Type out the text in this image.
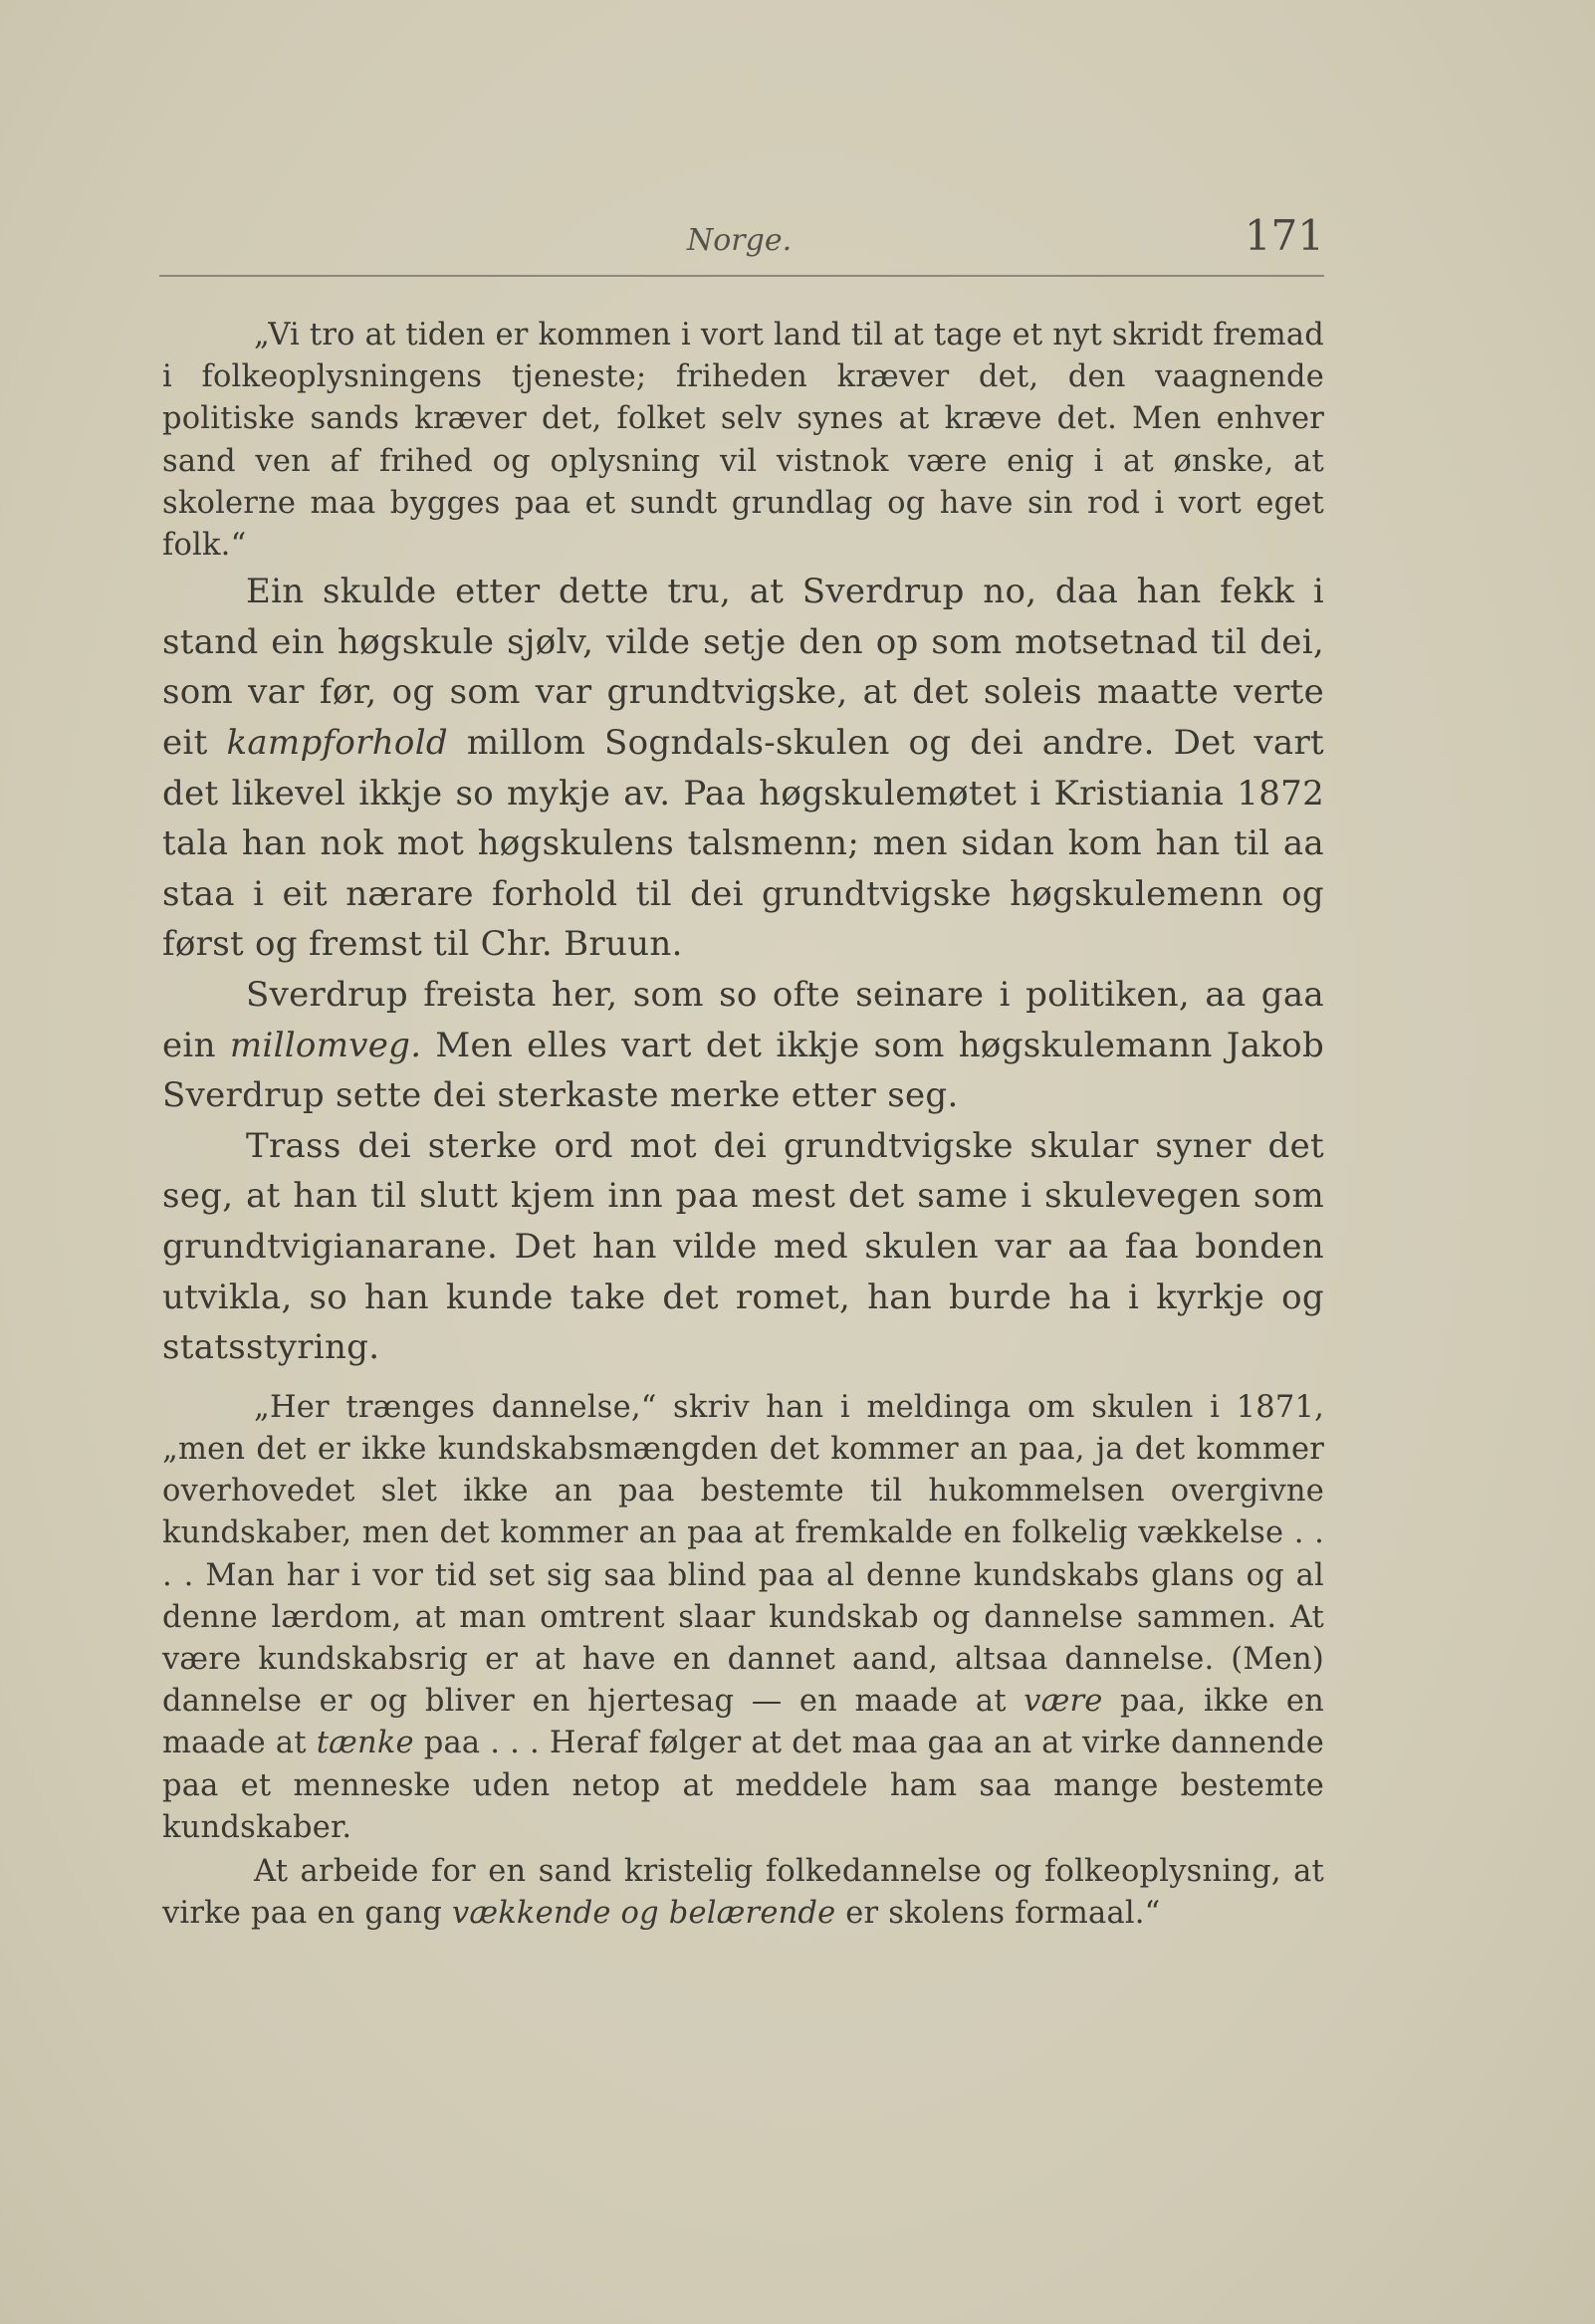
Norge.	171

„Vi tro at tiden er kommen i vort land til at tage et nyt skridt fremad i folkeoplysningens tjeneste; friheden kræver det, den vaagnende politiske sands kræver det, folket selv synes at kræve det. Men enhver sand ven af frihed og oplysning vil vistnok være enig i at ønske, at skolerne maa bygges paa et sundt grundlag og have sin rod i vort eget folk.“

Ein skulde etter dette tru, at Sverdrup no, daa han fekk i stand ein høgskule sjølv, vilde setje den op som motsetnad til dei, som var før, og som var grundtvigske, at det soleis maatte verte eit kampforhold millom Sogndals-skulen og dei andre. Det vart det likevel ikkje so mykje av. Paa høgskulemøtet i Kristiania 1872 tala han nok mot høgskulens talsmenn; men sidan kom han til aa staa i eit nærare forhold til dei grundtvigske høgskulemenn og først og fremst til Chr. Bruun.

Sverdrup freista her, som so ofte seinare i politiken, aa gaa ein millomveg. Men elles vart det ikkje som høgskulemann Jakob Sverdrup sette dei sterkaste merke etter seg.

Trass dei sterke ord mot dei grundtvigske skular syner det seg, at han til slutt kjem inn paa mest det same i skulevegen som grundtvigianarane. Det han vilde med skulen var aa faa bonden utvikla, so han kunde take det romet, han burde ha i kyrkje og statsstyring.

„Her trænges dannelse,“ skriv han i meldinga om skulen i 1871, „men det er ikke kundskabsmængden det kommer an paa, ja det kommer overhovedet slet ikke an paa bestemte til hukommelsen overgivne kundskaber, men det kommer an paa at fremkalde en folkelig vækkelse . . . . Man har i vor tid set sig saa blind paa al denne kundskabs glans og al denne lærdom, at man omtrent slaar kundskab og dannelse sammen. At være kundskabsrig er at have en dannet aand, altsaa dannelse. (Men) dannelse er og bliver en hjertesag — en maade at være paa, ikke en maade at tænke paa . . . Heraf følger at det maa gaa an at virke dannende paa et menneske uden netop at meddele ham saa mange bestemte kundskaber.

At arbeide for en sand kristelig folkedannelse og folkeoplysning, at virke paa en gang vækkende og belærende er skolens formaal.“
